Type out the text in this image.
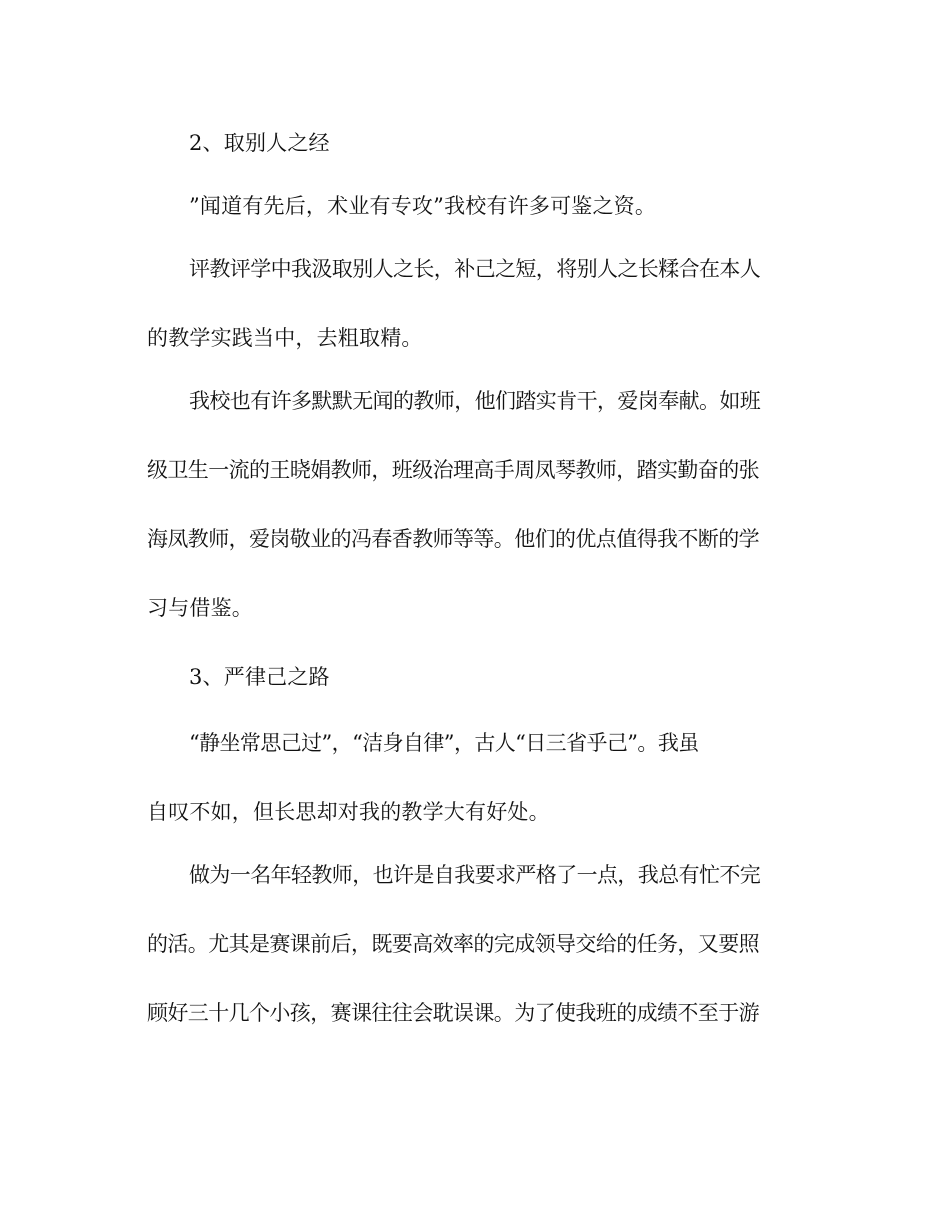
2、取别人之经
”闻道有先后，术业有专攻”我校有许多可鉴之资。
评教评学中我汲取别人之长，补己之短，将别人之长糅合在本人
的教学实践当中，去粗取精。
我校也有许多默默无闻的教师，他们踏实肯干，爱岗奉献。如班
级卫生一流的王晓娟教师，班级治理高手周凤琴教师，踏实勤奋的张
海凤教师，爱岗敬业的冯春香教师等等。他们的优点值得我不断的学
习与借鉴。
3、严律己之路
“静坐常思己过”，“洁身自律”，古人“日三省乎己”。我虽
自叹不如，但长思却对我的教学大有好处。
做为一名年轻教师，也许是自我要求严格了一点，我总有忙不完
的活。尤其是赛课前后，既要高效率的完成领导交给的任务，又要照
顾好三十几个小孩，赛课往往会耽误课。为了使我班的成绩不至于游
